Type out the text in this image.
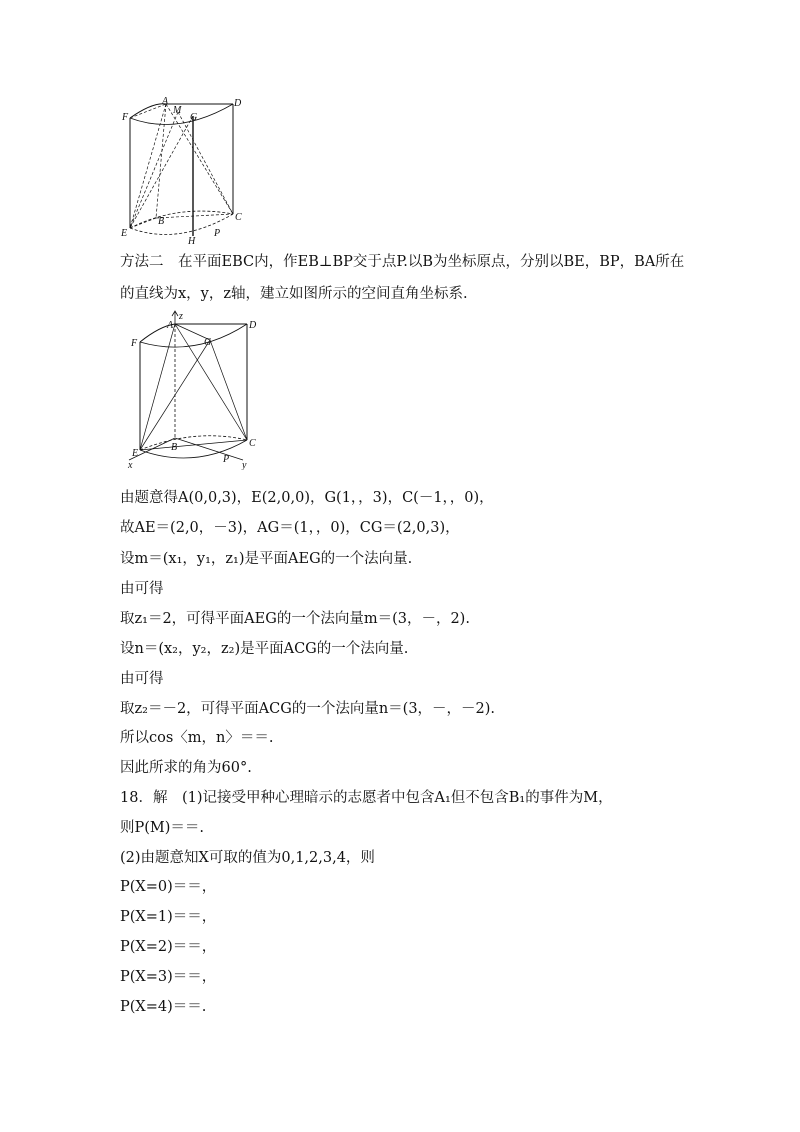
F
A
M
G
D
E
B
H
P
C
z
A	D
F	G
E
B	C
P
x	y
方法二　在平面EBC内，作EB⊥BP交于点P.以B为坐标原点，分别以BE，BP，BA所在
的直线为x，y，z轴，建立如图所示的空间直角坐标系.
由题意得A(0,0,3)，E(2,0,0)，G(1，，3)，C(－1，，0)，
故AE＝(2,0，－3)，AG＝(1，，0)，CG＝(2,0,3)，
设m＝(x₁，y₁，z₁)是平面AEG的一个法向量.
由可得
取z₁＝2，可得平面AEG的一个法向量m＝(3，－，2).
设n＝(x₂，y₂，z₂)是平面ACG的一个法向量.
由可得
取z₂＝－2，可得平面ACG的一个法向量n＝(3，－，－2).
所以cos〈m，n〉＝＝.
因此所求的角为60°.
18．解　(1)记接受甲种心理暗示的志愿者中包含A₁但不包含B₁的事件为M，
则P(M)＝＝.
(2)由题意知X可取的值为0,1,2,3,4，则
P(X=0)＝＝，
P(X=1)＝＝，
P(X=2)＝＝，
P(X=3)＝＝，
P(X=4)＝＝.
